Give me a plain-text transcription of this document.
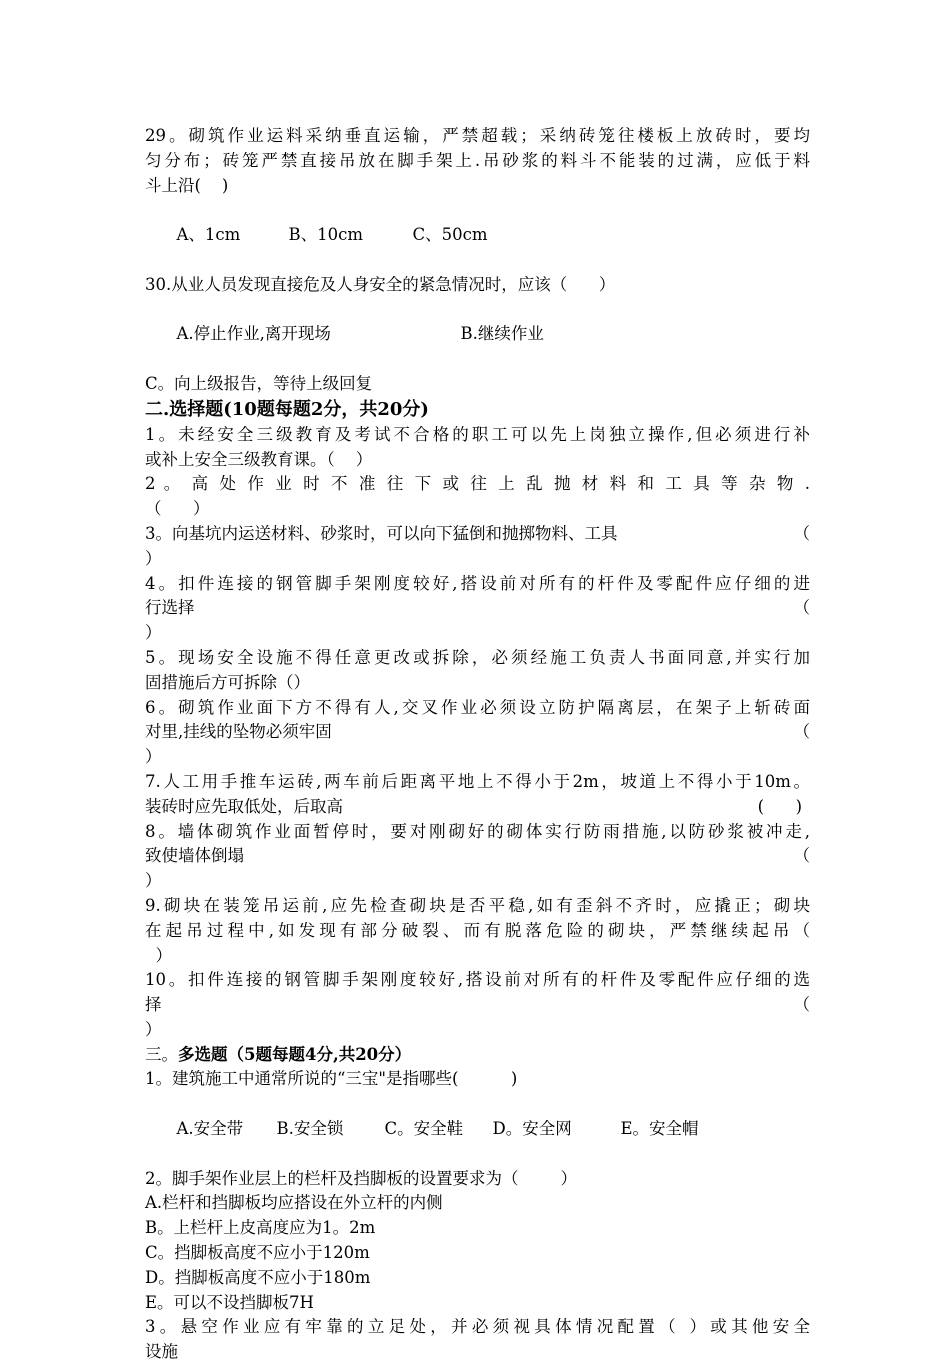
29。砌筑作业运料采纳垂直运输，严禁超载；采纳砖笼往楼板上放砖时，要均
匀分布；砖笼严禁直接吊放在脚手架上.吊砂浆的料斗不能装的过满，应低于料
斗上沿(    )

A、1cm	B、10cm	C、50cm

30.从业人员发现直接危及人身安全的紧急情况时，应该（      ）

A.停止作业,离开现场	B.继续作业

C。向上级报告，等待上级回复
二.选择题(10题每题2分，共20分)
1。未经安全三级教育及考试不合格的职工可以先上岗独立操作,但必须进行补
或补上安全三级教育课。（    ）
2 。 高 处 作 业 时 不 准 往 下 或 往 上 乱 抛 材 料 和 工 具 等 杂 物 .
（      ）
3。向基坑内运送材料、砂浆时，可以向下猛倒和抛掷物料、工具	（
）
4。扣件连接的钢管脚手架刚度较好,搭设前对所有的杆件及零配件应仔细的进
行选择	（
）
5。现场安全设施不得任意更改或拆除，必须经施工负责人书面同意,并实行加
固措施后方可拆除（）
6。砌筑作业面下方不得有人,交叉作业必须设立防护隔离层，在架子上斩砖面
对里,挂线的坠物必须牢固	（
）
7.人工用手推车运砖,两车前后距离平地上不得小于2m，坡道上不得小于10m。
装砖时应先取低处，后取高	(      )
8。墙体砌筑作业面暂停时，要对刚砌好的砌体实行防雨措施,以防砂浆被冲走,
致使墙体倒塌	（
）
9.砌块在装笼吊运前,应先检查砌块是否平稳,如有歪斜不齐时，应撬正；砌块
在起吊过程中,如发现有部分破裂、而有脱落危险的砌块，严禁继续起吊（
）
10。扣件连接的钢管脚手架刚度较好,搭设前对所有的杆件及零配件应仔细的选
择	（
）
三。多选题（5题每题4分,共20分）
1。建筑施工中通常所说的“三宝"是指哪些(          )

A.安全带 B.安全锁 C。安全鞋 D。安全网	E。安全帽

2。脚手架作业层上的栏杆及挡脚板的设置要求为（        ）
A.栏杆和挡脚板均应搭设在外立杆的内侧
B。上栏杆上皮高度应为1。2m
C。挡脚板高度不应小于120m
D。挡脚板高度不应小于180m
E。可以不设挡脚板7H
3。悬空作业应有牢靠的立足处，并必须视具体情况配置（ ）或其他安全
设施
